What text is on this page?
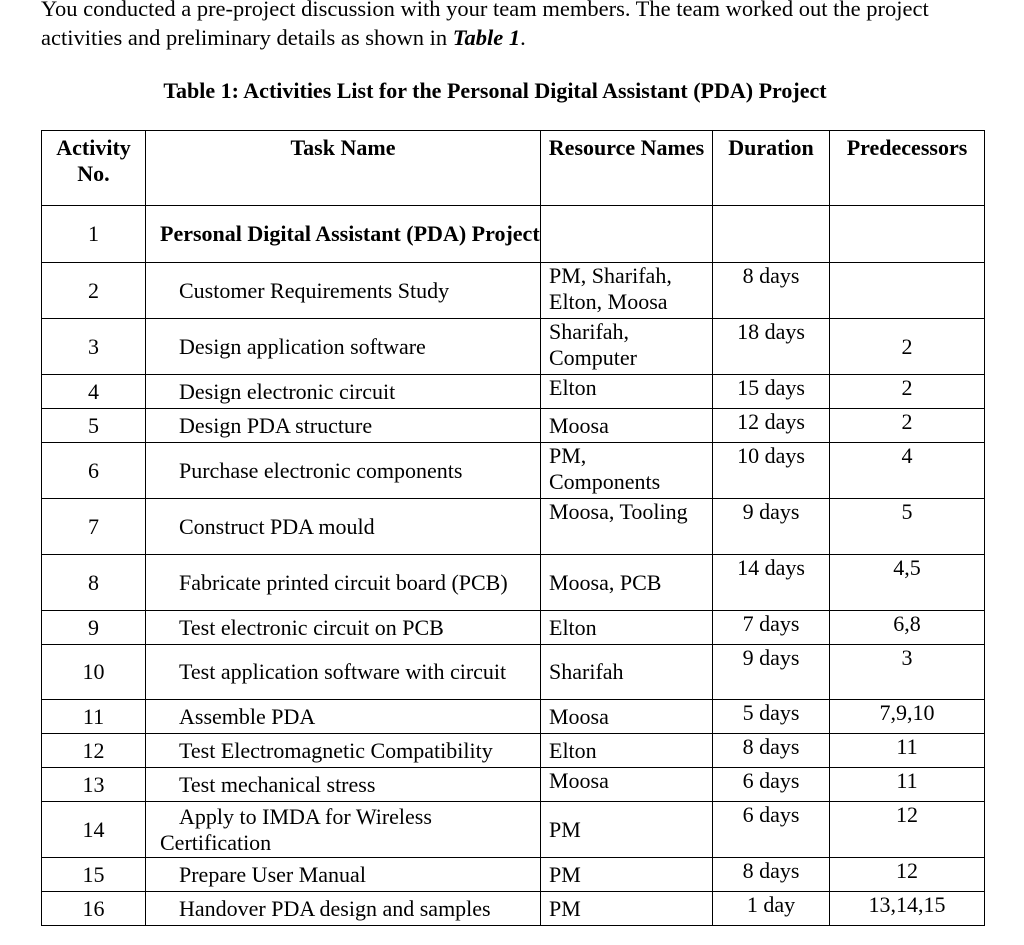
You conducted a pre-project discussion with your team members. The team worked out the project activities and preliminary details as shown in Table 1.
Table 1: Activities List for the Personal Digital Assistant (PDA) Project
Activity No.	Task Name	Resource Names	Duration	Predecessors
1	Personal Digital Assistant (PDA) Project			

2	Customer Requirements Study	PM, Sharifah, Elton, Moosa	8 days	
3	Design application software	Sharifah, Computer	18 days	2
4	Design electronic circuit	Elton	15 days	2
5	Design PDA structure	Moosa	12 days	2
6	Purchase electronic components	PM, Components	10 days	4
7	Construct PDA mould	Moosa, Tooling	9 days	5
8	Fabricate printed circuit board (PCB)	Moosa, PCB	14 days	4,5
9	Test electronic circuit on PCB	Elton	7 days	6,8
10	Test application software with circuit	Sharifah	9 days	3
11	Assemble PDA	Moosa	5 days	7,9,10
12	Test Electromagnetic Compatibility	Elton	8 days	11
13	Test mechanical stress	Moosa	6 days	11
14	Apply to IMDA for Wireless Certification	PM	6 days	12
15	Prepare User Manual	PM	8 days	12
16	Handover PDA design and samples	PM	1 day	13,14,15
